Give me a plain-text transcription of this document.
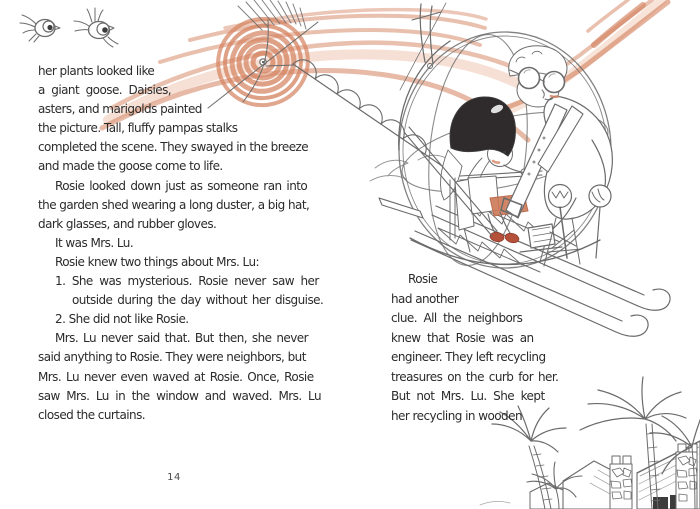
her plants looked like
a giant goose. Daisies,
asters, and marigolds painted
the picture. Tall, fluffy pampas stalks
completed the scene. They swayed in the breeze
and made the goose come to life.
Rosie looked down just as someone ran into
the garden shed wearing a long duster, a big hat,
dark glasses, and rubber gloves.
It was Mrs. Lu.
Rosie knew two things about Mrs. Lu:
1. She was mysterious. Rosie never saw her
outside during the day without her disguise.
2. She did not like Rosie.
Mrs. Lu never said that. But then, she never
said anything to Rosie. They were neighbors, but
Mrs. Lu never even waved at Rosie. Once, Rosie
saw Mrs. Lu in the window and waved. Mrs. Lu
closed the curtains.
Rosie
had another
clue. All the neighbors
knew that Rosie was an
engineer. They left recycling
treasures on the curb for her.
But not Mrs. Lu. She kept
her recycling in wooden
14
